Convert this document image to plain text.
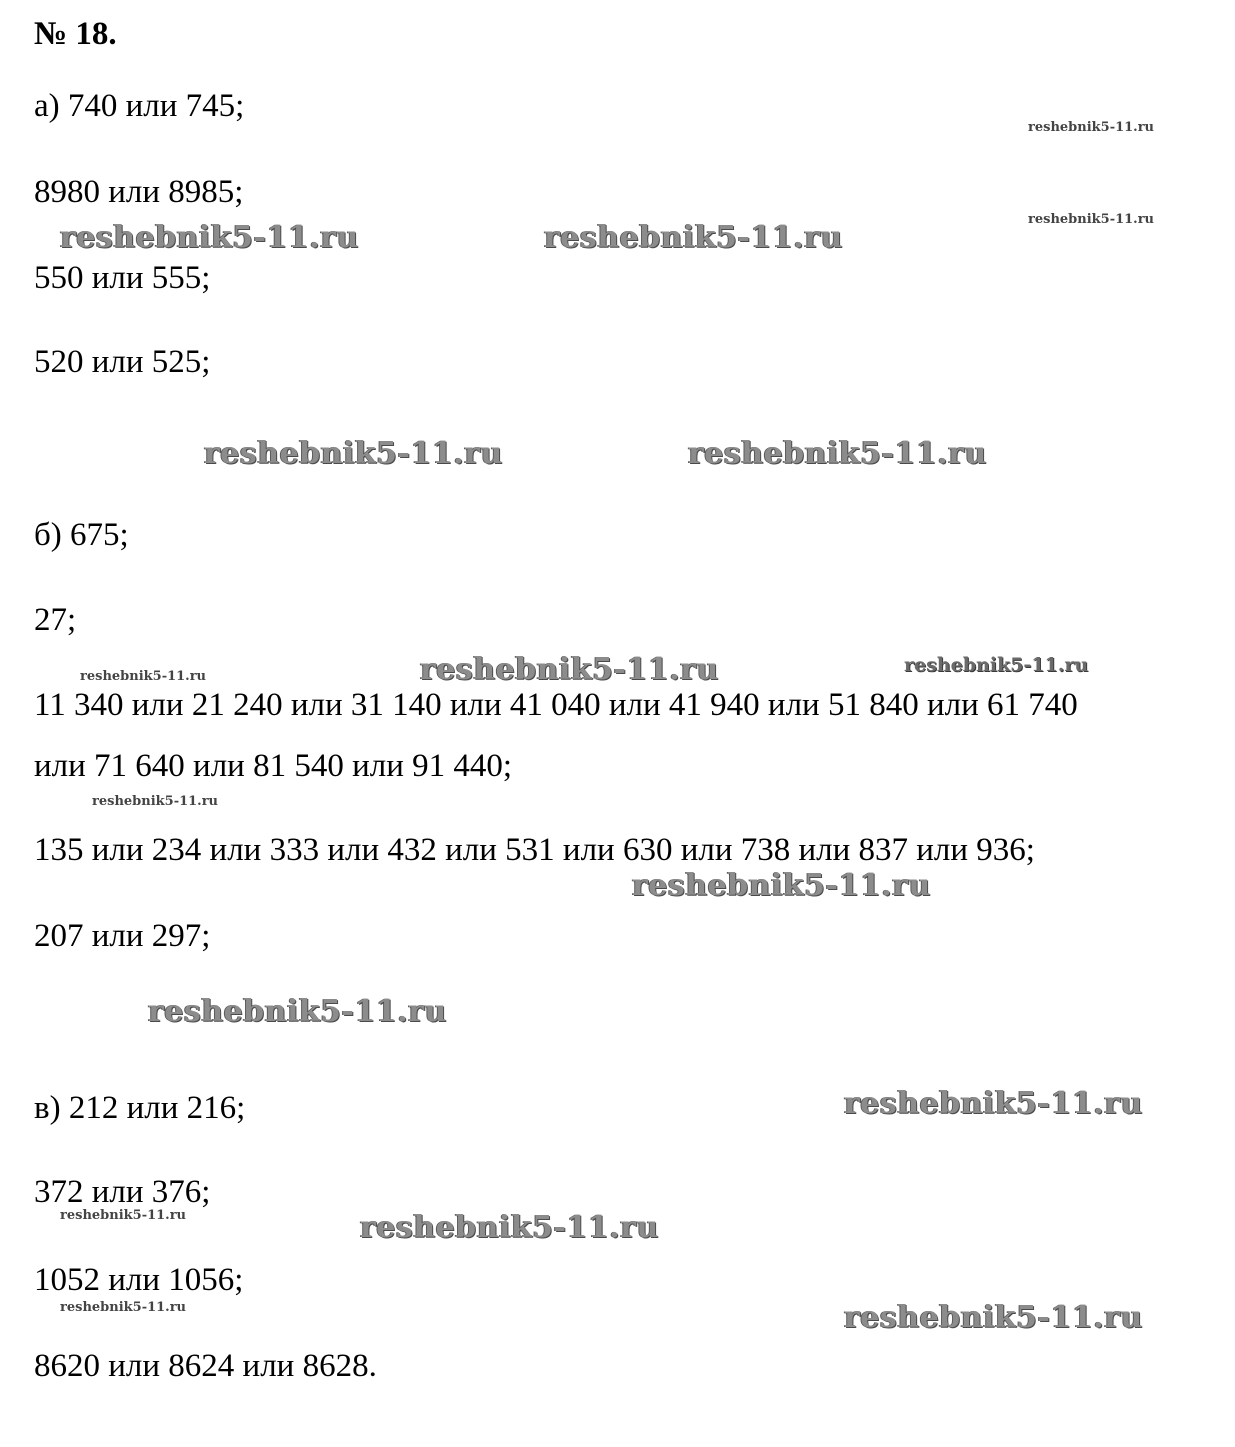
№ 18.
а) 740 или 745;
8980 или 8985;
550 или 555;
520 или 525;
б) 675;
27;
11 340 или 21 240 или 31 140 или 41 040 или 41 940 или 51 840 или 61 740
или 71 640 или 81 540 или 91 440;
135 или 234 или 333 или 432 или 531 или 630 или 738 или 837 или 936;
207 или 297;
в) 212 или 216;
372 или 376;
1052 или 1056;
8620 или 8624 или 8628.
reshebnik5-11.ru
reshebnik5-11.ru
reshebnik5-11.ru	reshebnik5-11.ru
reshebnik5-11.ru	reshebnik5-11.ru
reshebnik5-11.ru	reshebnik5-11.ru	reshebnik5-11.ru
reshebnik5-11.ru
reshebnik5-11.ru
reshebnik5-11.ru
reshebnik5-11.ru
reshebnik5-11.ru	reshebnik5-11.ru
reshebnik5-11.ru	reshebnik5-11.ru
